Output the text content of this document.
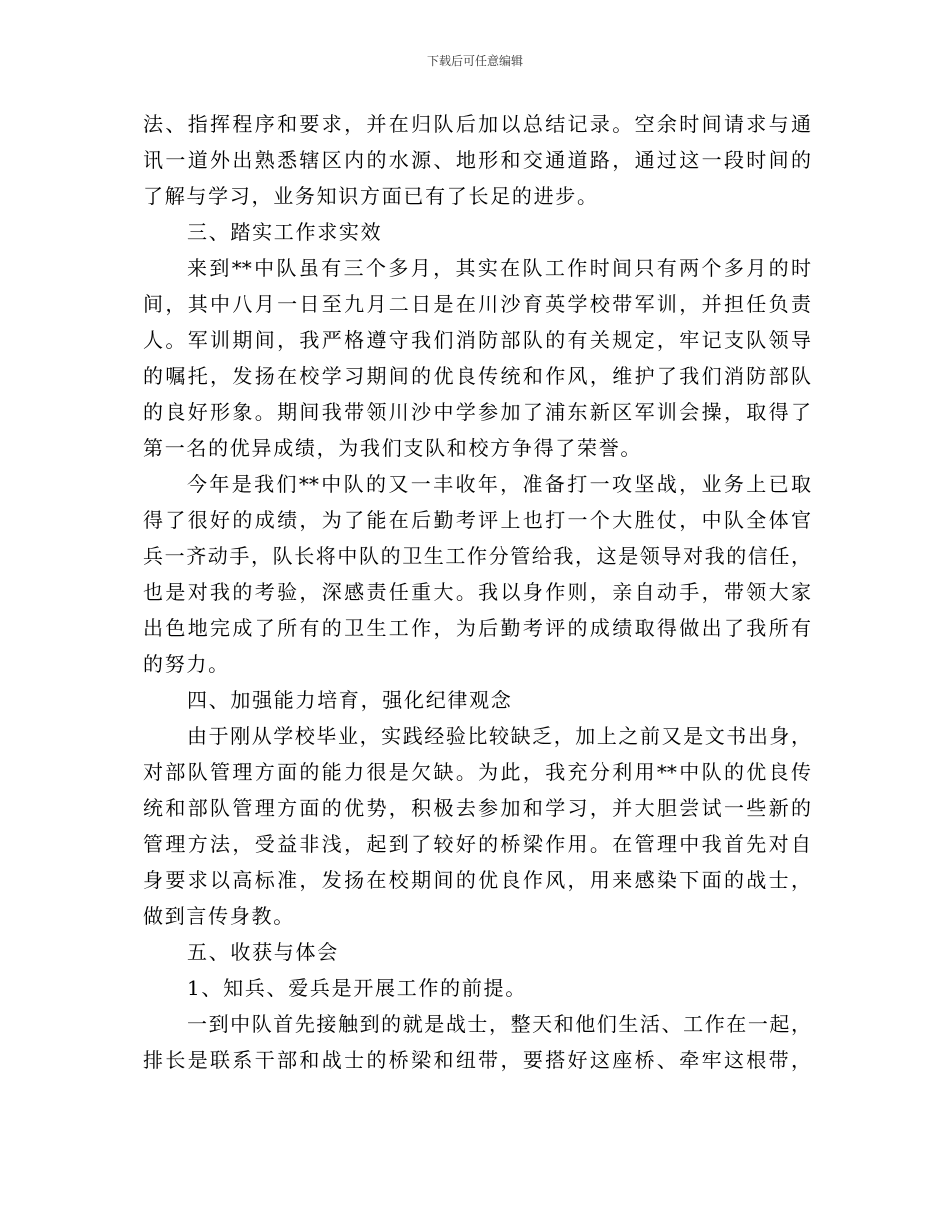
下载后可任意编辑
法、指挥程序和要求，并在归队后加以总结记录。空余时间请求与通
讯一道外出熟悉辖区内的水源、地形和交通道路，通过这一段时间的
了解与学习，业务知识方面已有了长足的进步。
三、踏实工作求实效
来到**中队虽有三个多月，其实在队工作时间只有两个多月的时
间，其中八月一日至九月二日是在川沙育英学校带军训，并担任负责
人。军训期间，我严格遵守我们消防部队的有关规定，牢记支队领导
的嘱托，发扬在校学习期间的优良传统和作风，维护了我们消防部队
的良好形象。期间我带领川沙中学参加了浦东新区军训会操，取得了
第一名的优异成绩，为我们支队和校方争得了荣誉。
今年是我们**中队的又一丰收年，准备打一攻坚战，业务上已取
得了很好的成绩，为了能在后勤考评上也打一个大胜仗，中队全体官
兵一齐动手，队长将中队的卫生工作分管给我，这是领导对我的信任，
也是对我的考验，深感责任重大。我以身作则，亲自动手，带领大家
出色地完成了所有的卫生工作，为后勤考评的成绩取得做出了我所有
的努力。
四、加强能力培育，强化纪律观念
由于刚从学校毕业，实践经验比较缺乏，加上之前又是文书出身，
对部队管理方面的能力很是欠缺。为此，我充分利用**中队的优良传
统和部队管理方面的优势，积极去参加和学习，并大胆尝试一些新的
管理方法，受益非浅，起到了较好的桥梁作用。在管理中我首先对自
身要求以高标准，发扬在校期间的优良作风，用来感染下面的战士，
做到言传身教。
五、收获与体会
1、知兵、爱兵是开展工作的前提。
一到中队首先接触到的就是战士，整天和他们生活、工作在一起，
排长是联系干部和战士的桥梁和纽带，要搭好这座桥、牵牢这根带，
